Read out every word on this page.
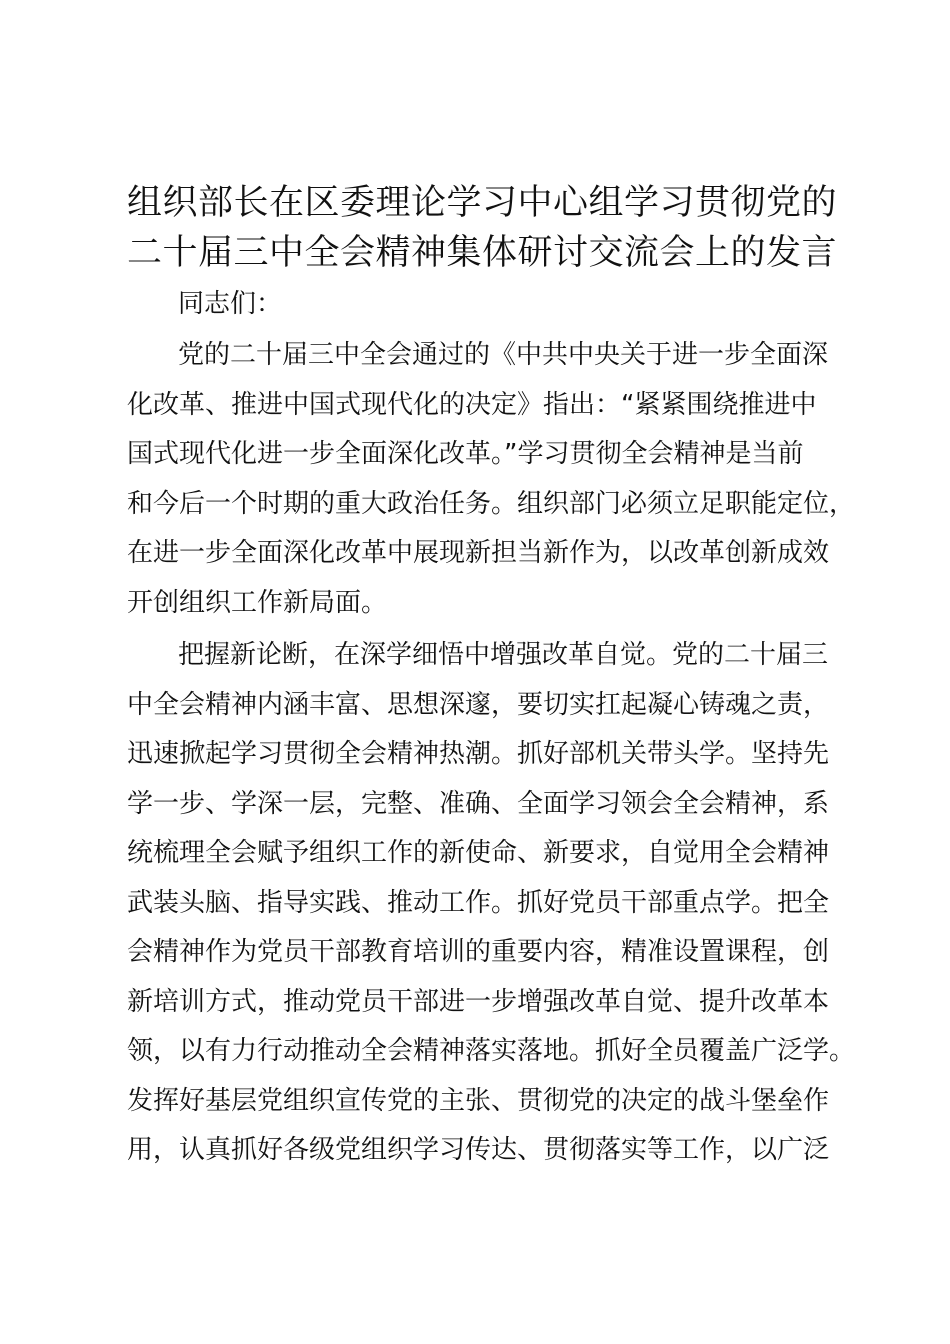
组织部长在区委理论学习中心组学习贯彻党的
二十届三中全会精神集体研讨交流会上的发言

同志们：

党的二十届三中全会通过的《中共中央关于进一步全面深
化改革、推进中国式现代化的决定》指出：“紧紧围绕推进中
国式现代化进一步全面深化改革。”学习贯彻全会精神是当前
和今后一个时期的重大政治任务。组织部门必须立足职能定位，
在进一步全面深化改革中展现新担当新作为，以改革创新成效
开创组织工作新局面。

把握新论断，在深学细悟中增强改革自觉。党的二十届三
中全会精神内涵丰富、思想深邃，要切实扛起凝心铸魂之责，
迅速掀起学习贯彻全会精神热潮。抓好部机关带头学。坚持先
学一步、学深一层，完整、准确、全面学习领会全会精神，系
统梳理全会赋予组织工作的新使命、新要求，自觉用全会精神
武装头脑、指导实践、推动工作。抓好党员干部重点学。把全
会精神作为党员干部教育培训的重要内容，精准设置课程，创
新培训方式，推动党员干部进一步增强改革自觉、提升改革本
领，以有力行动推动全会精神落实落地。抓好全员覆盖广泛学。
发挥好基层党组织宣传党的主张、贯彻党的决定的战斗堡垒作
用，认真抓好各级党组织学习传达、贯彻落实等工作，以广泛
